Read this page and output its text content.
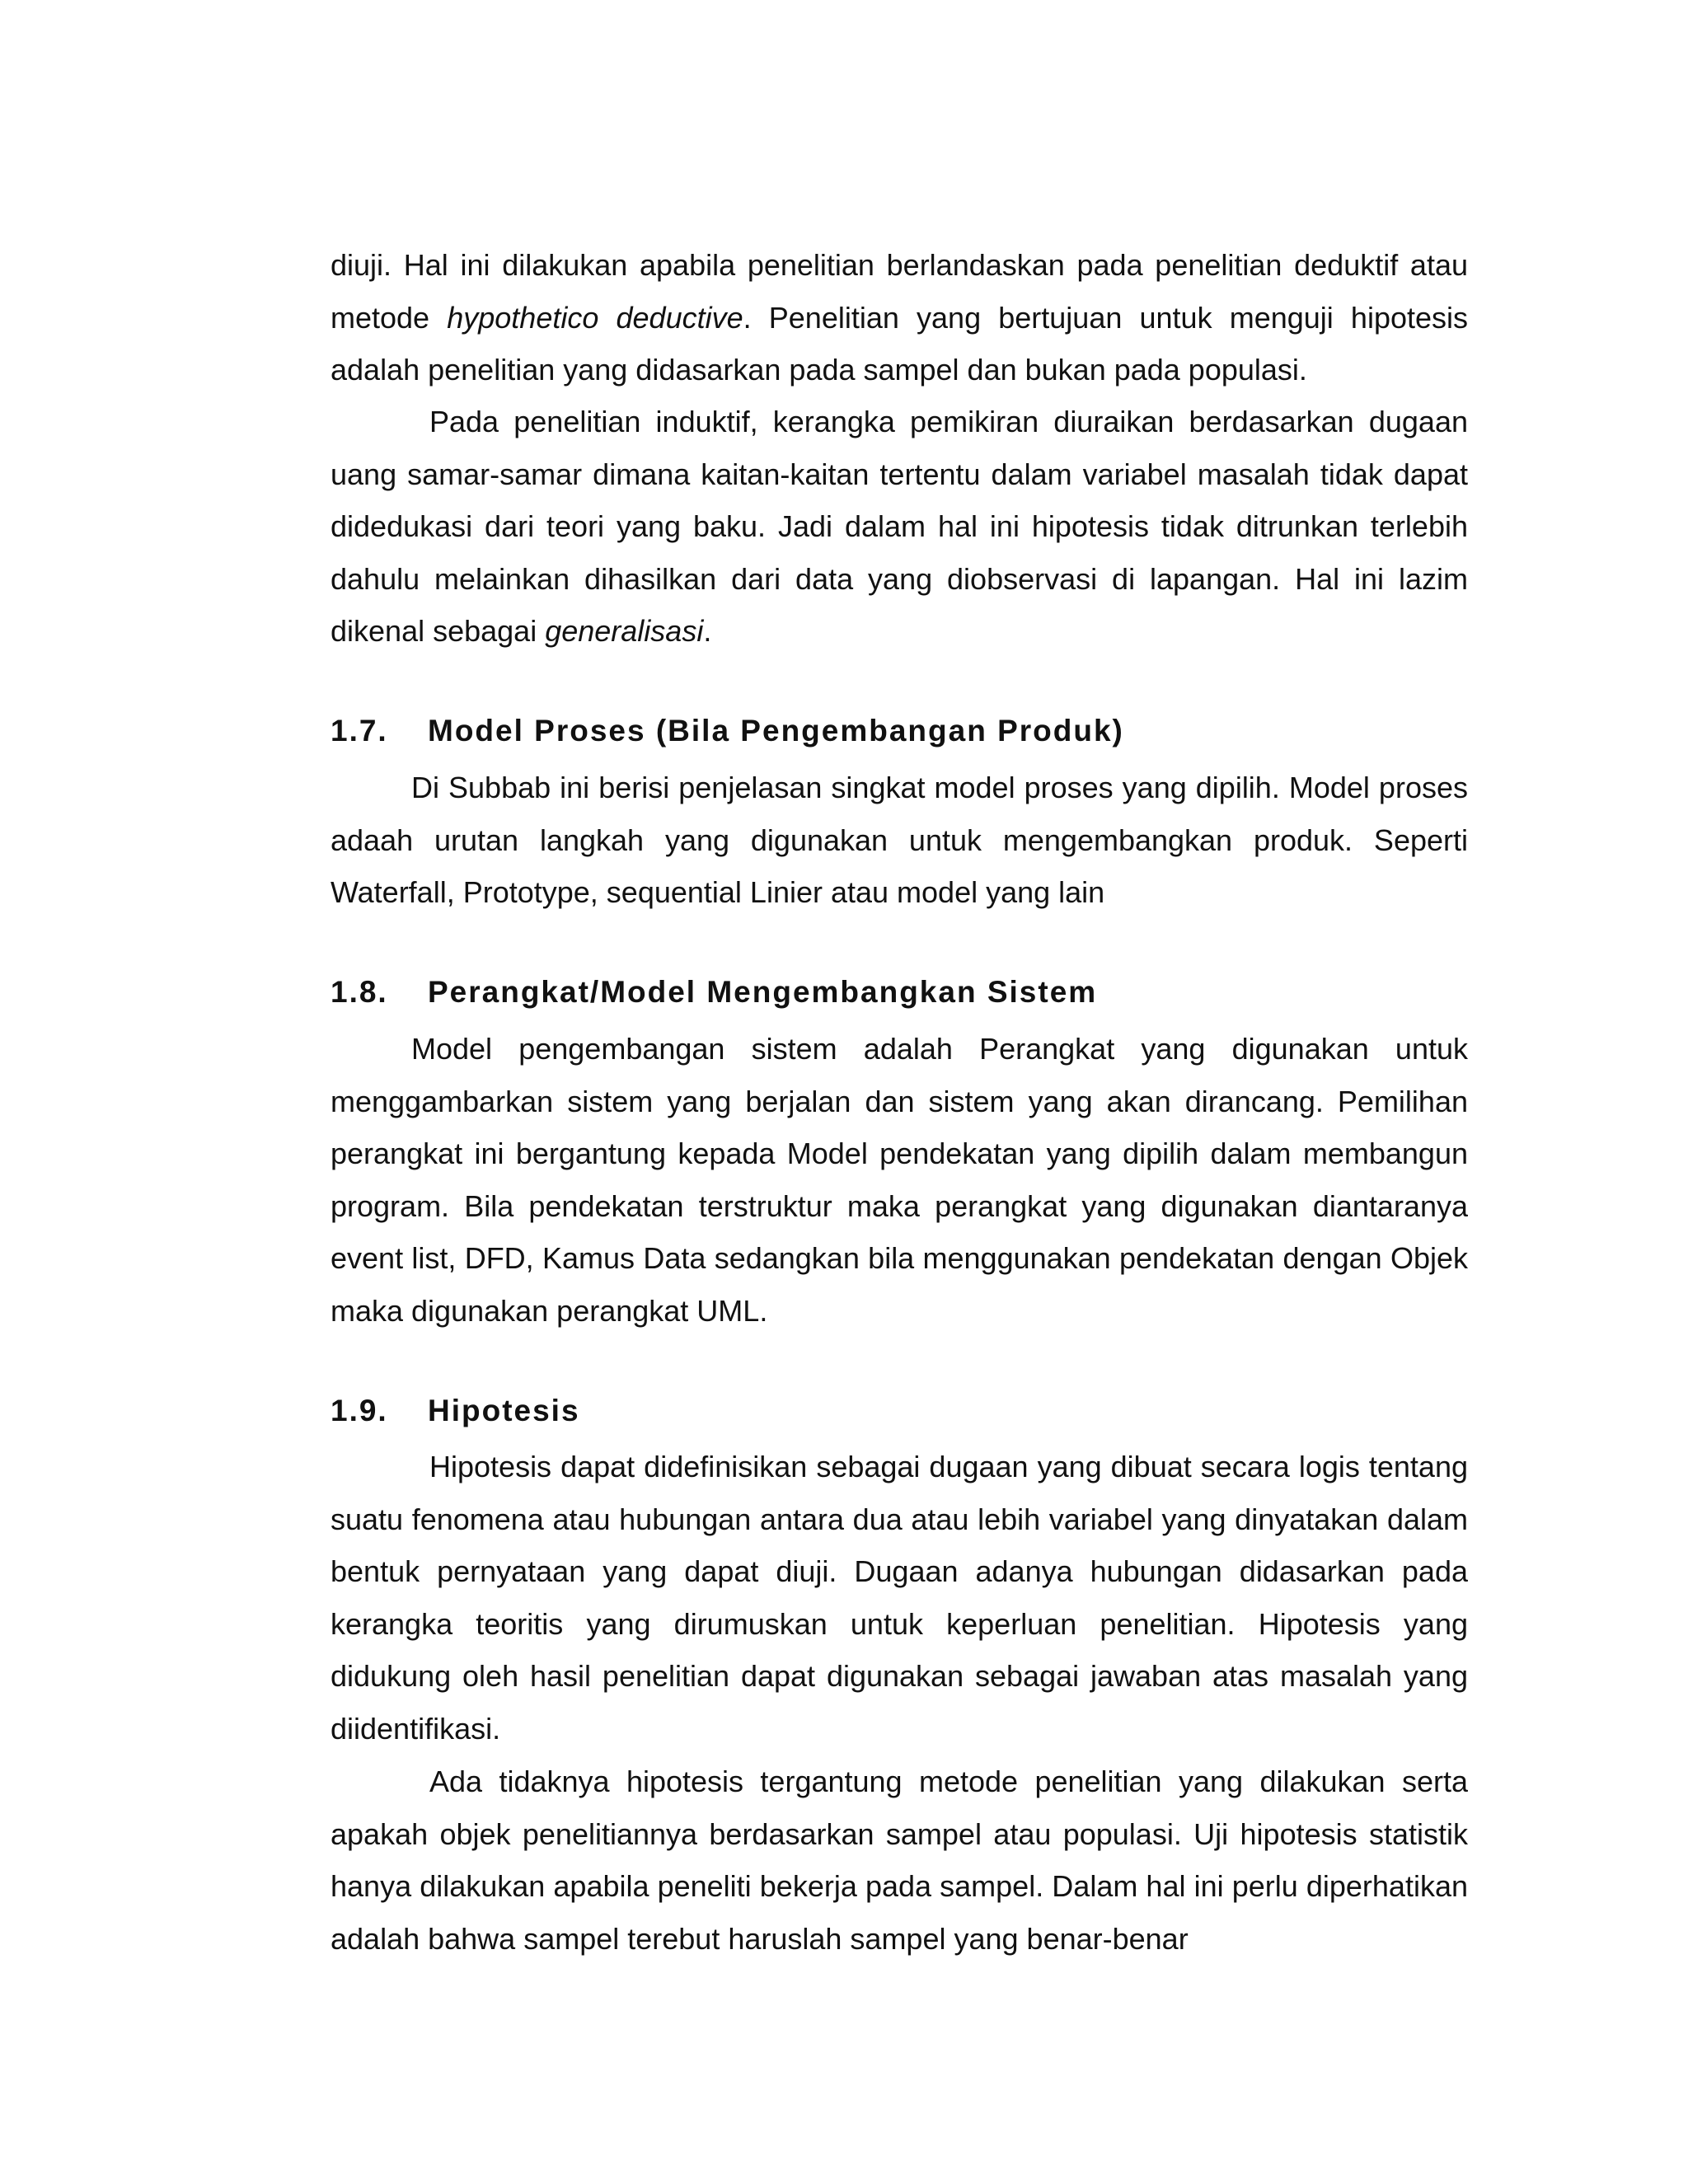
diuji. Hal ini dilakukan apabila penelitian berlandaskan pada penelitian deduktif atau metode hypothetico deductive. Penelitian yang bertujuan untuk menguji hipotesis adalah penelitian yang didasarkan pada sampel dan bukan pada populasi.

Pada penelitian induktif, kerangka pemikiran diuraikan berdasarkan dugaan uang samar-samar dimana kaitan-kaitan tertentu dalam variabel masalah tidak dapat didedukasi dari teori yang baku. Jadi dalam hal ini hipotesis tidak ditrunkan terlebih dahulu melainkan dihasilkan dari data yang diobservasi di lapangan. Hal ini lazim dikenal sebagai generalisasi.

1.7. Model Proses (Bila Pengembangan Produk)

Di Subbab ini berisi penjelasan singkat model proses yang dipilih. Model proses adaah urutan langkah yang digunakan untuk mengembangkan produk. Seperti Waterfall, Prototype, sequential Linier atau model yang lain

1.8. Perangkat/Model Mengembangkan Sistem

Model pengembangan sistem adalah Perangkat yang digunakan untuk menggambarkan sistem yang berjalan dan sistem yang akan dirancang. Pemilihan perangkat ini bergantung kepada Model pendekatan yang dipilih dalam membangun program. Bila pendekatan terstruktur maka perangkat yang digunakan diantaranya event list, DFD, Kamus Data sedangkan bila menggunakan pendekatan dengan Objek maka digunakan perangkat UML.

1.9. Hipotesis

Hipotesis dapat didefinisikan sebagai dugaan yang dibuat secara logis tentang suatu fenomena atau hubungan antara dua atau lebih variabel yang dinyatakan dalam bentuk pernyataan yang dapat diuji. Dugaan adanya hubungan didasarkan pada kerangka teoritis yang dirumuskan untuk keperluan penelitian. Hipotesis yang didukung oleh hasil penelitian dapat digunakan sebagai jawaban atas masalah yang diidentifikasi.

Ada tidaknya hipotesis tergantung metode penelitian yang dilakukan serta apakah objek penelitiannya berdasarkan sampel atau populasi. Uji hipotesis statistik hanya dilakukan apabila peneliti bekerja pada sampel. Dalam hal ini perlu diperhatikan adalah bahwa sampel terebut haruslah sampel yang benar-benar
